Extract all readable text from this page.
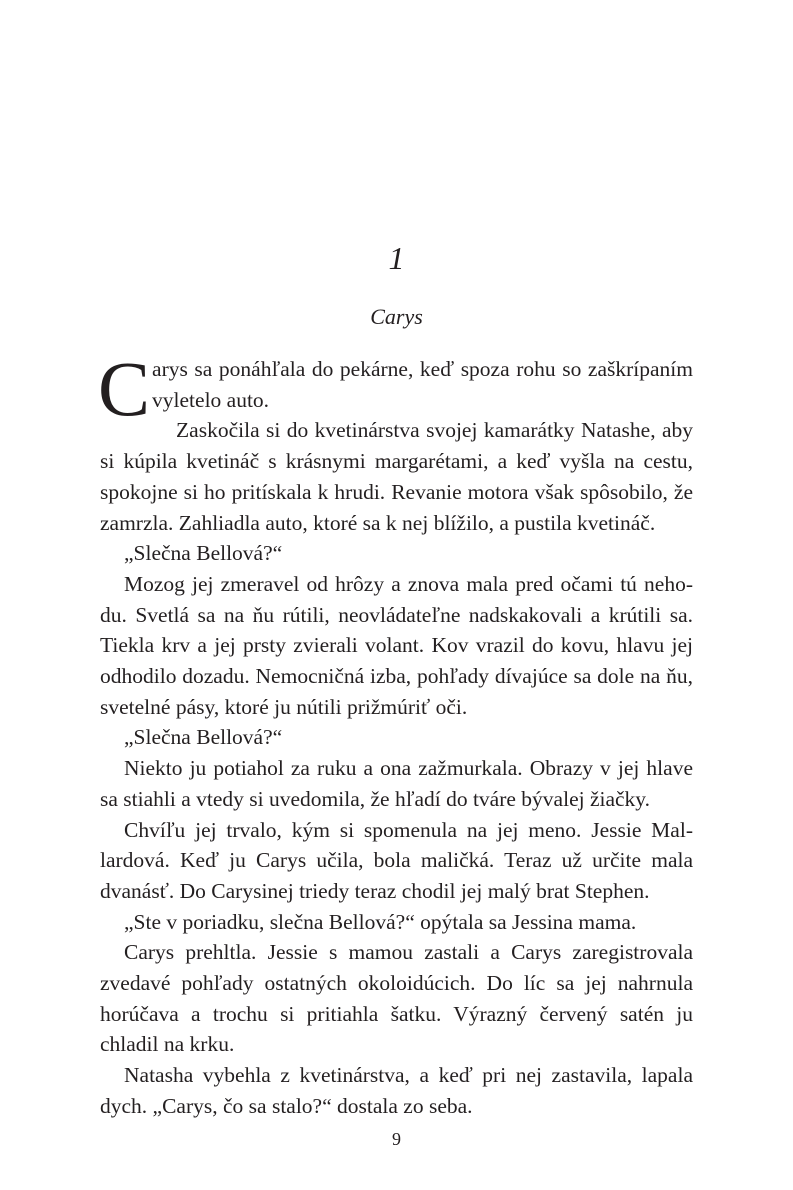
1
Carys

Carys sa ponáhľala do pekárne, keď spoza rohu so zaškrípaním vyletelo auto.

Zaskočila si do kvetinárstva svojej kamarátky Natashe, aby si kúpila kvetináč s krásnymi margarétami, a keď vyšla na cestu, spokojne si ho pritískala k hrudi. Revanie motora však spôsobilo, že zamrzla. Zahliadla auto, ktoré sa k nej blížilo, a pustila kvetináč.

„Slečna Bellová?“

Mozog jej zmeravel od hrôzy a znova mala pred očami tú nehodu. Svetlá sa na ňu rútili, neovládateľne nadskakovali a krútili sa. Tiekla krv a jej prsty zvierali volant. Kov vrazil do kovu, hlavu jej odhodilo dozadu. Nemocničná izba, pohľady dívajúce sa dole na ňu, svetelné pásy, ktoré ju nútili prižmúriť oči.

„Slečna Bellová?“

Niekto ju potiahol za ruku a ona zažmurkala. Obrazy v jej hlave sa stiahli a vtedy si uvedomila, že hľadí do tváre bývalej žiačky.

Chvíľu jej trvalo, kým si spomenula na jej meno. Jessie Mallardová. Keď ju Carys učila, bola maličká. Teraz už určite mala dvanásť. Do Carysinej triedy teraz chodil jej malý brat Stephen.

„Ste v poriadku, slečna Bellová?“ opýtala sa Jessina mama.

Carys prehltla. Jessie s mamou zastali a Carys zaregistrovala zvedavé pohľady ostatných okoloidúcich. Do líc sa jej nahrnula horúčava a trochu si pritiahla šatku. Výrazný červený satén ju chladil na krku.

Natasha vybehla z kvetinárstva, a keď pri nej zastavila, lapala dych. „Carys, čo sa stalo?“ dostala zo seba.

9
